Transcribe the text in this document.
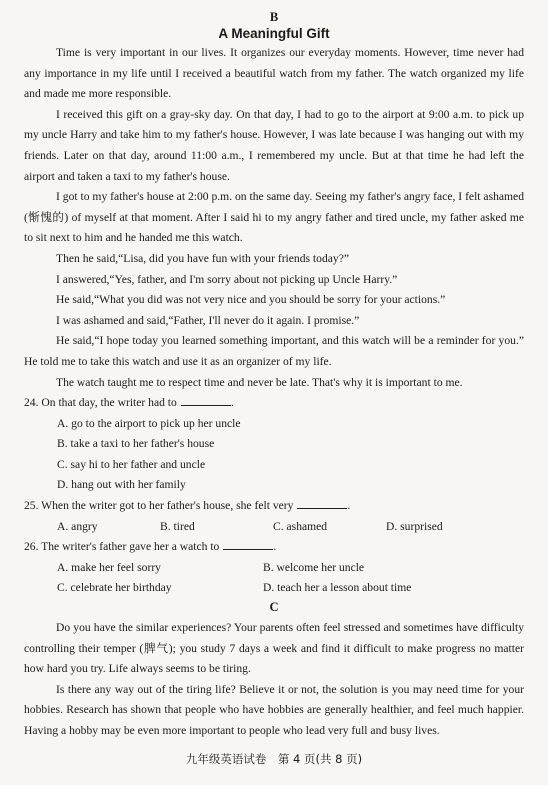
B
A Meaningful Gift

Time is very important in our lives. It organizes our everyday moments. However, time never had any importance in my life until I received a beautiful watch from my father. The watch organized my life and made me more responsible.

I received this gift on a gray-sky day. On that day, I had to go to the airport at 9:00 a.m. to pick up my uncle Harry and take him to my father's house. However, I was late because I was hanging out with my friends. Later on that day, around 11:00 a.m., I remembered my uncle. But at that time he had left the airport and taken a taxi to my father's house.

I got to my father's house at 2:00 p.m. on the same day. Seeing my father's angry face, I felt ashamed (惭愧的) of myself at that moment. After I said hi to my angry father and tired uncle, my father asked me to sit next to him and he handed me this watch.

Then he said,“Lisa, did you have fun with your friends today?”

I answered,“Yes, father, and I'm sorry about not picking up Uncle Harry.”

He said,“What you did was not very nice and you should be sorry for your actions.”

I was ashamed and said,“Father, I'll never do it again. I promise.”

He said,“I hope today you learned something important, and this watch will be a reminder for you.” He told me to take this watch and use it as an organizer of my life.

The watch taught me to respect time and never be late. That's why it is important to me.

24. On that day, the writer had to	.
A. go to the airport to pick up her uncle
B. take a taxi to her father's house
C. say hi to her father and uncle
D. hang out with her family
25. When the writer got to her father's house, she felt very	.
A. angry	B. tired	C. ashamed	D. surprised
26. The writer's father gave her a watch to	.
A. make her feel sorry	B. welcome her uncle
C. celebrate her birthday	D. teach her a lesson about time
C

Do you have the similar experiences? Your parents often feel stressed and sometimes have difficulty controlling their temper (脾气); you study 7 days a week and find it difficult to make progress no matter how hard you try. Life always seems to be tiring.

Is there any way out of the tiring life? Believe it or not, the solution is you may need time for your hobbies. Research has shown that people who have hobbies are generally healthier, and feel much happier. Having a hobby may be even more important to people who lead very full and busy lives.

九年级英语试卷　第 4 页(共 8 页)
